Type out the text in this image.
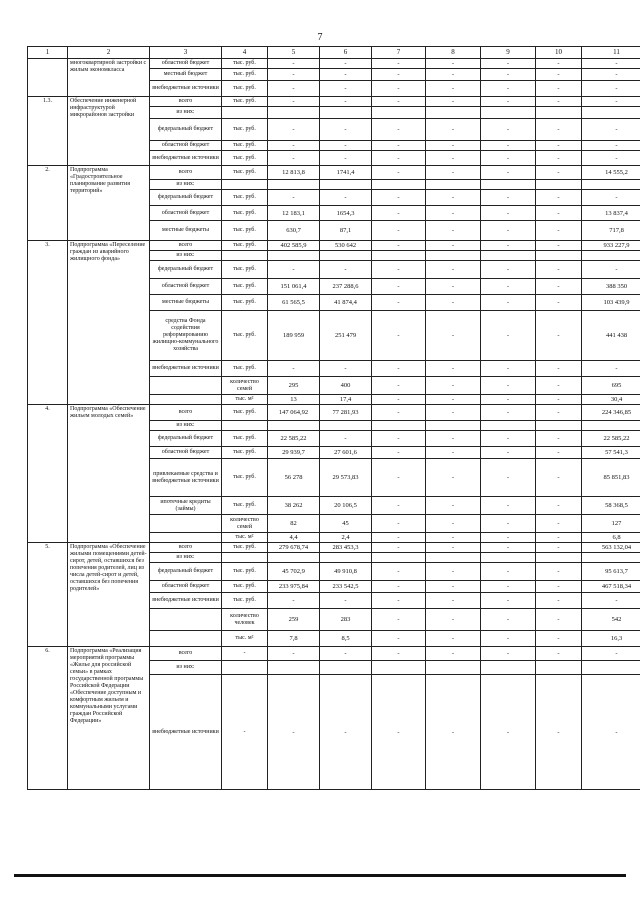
7
1	2	3	4	5	6	7	8	9	10	11
	многоквартирной застройки с жилым экономкласса	областной бюджет	тыс. руб.	-	-	-	-	-	-	-
		местный бюджет	тыс. руб.	-	-	-	-	-	-	-
		внебюджетные источники	тыс. руб.	-	-	-	-	-	-	-
1.3.	Обеспечение инженерной инфраструктурой микрорайонов застройки	всего	тыс. руб.	-	-	-	-	-	-	-
		из них:								
		федеральный бюджет	тыс. руб.	-	-	-	-	-	-	-
		областной бюджет	тыс. руб.	-	-	-	-	-	-	-
		внебюджетные источники	тыс. руб.	-	-	-	-	-	-	-
2.	Подпрограмма «Градостроительное планирование развития территорий»	всего	тыс. руб.	12 813,8	1741,4	-	-	-	-	14 555,2
		из них:								
		федеральный бюджет	тыс. руб.	-	-	-	-	-	-	-
		областной бюджет	тыс. руб.	12 183,1	1654,3	-	-	-	-	13 837,4
		местные бюджеты	тыс. руб.	630,7	87,1	-	-	-	-	717,8
3.	Подпрограмма «Переселение граждан из аварийного жилищного фонда»	всего	тыс. руб.	402 585,9	530 642	-	-	-	-	933 227,9
		из них:								
		федеральный бюджет	тыс. руб.	-	-	-	-	-	-	-
		областной бюджет	тыс. руб.	151 061,4	237 288,6	-	-	-	-	388 350
		местные бюджеты	тыс. руб.	61 565,5	41 874,4	-	-	-	-	103 439,9
		средства Фонда содействия реформированию жилищно-коммунального хозяйства	тыс. руб.	189 959	251 479	-	-	-	-	441 438
		внебюджетные источники	тыс. руб.	-	-	-	-	-	-	-
			количество семей	295	400	-	-	-	-	695
			тыс. м²	13	17,4	-	-	-	-	30,4
4.	Подпрограмма «Обеспечение жильем молодых семей»	всего	тыс. руб.	147 064,92	77 281,93	-	-	-	-	224 346,85
		из них:								
		федеральный бюджет	тыс. руб.	22 585,22	-	-	-	-	-	22 585,22
		областной бюджет	тыс. руб.	29 939,7	27 601,6	-	-	-	-	57 541,3
		привлекаемые средства и внебюджетные источники	тыс. руб.	56 278	29 573,83	-	-	-	-	85 851,83
		ипотечные кредиты (займы)	тыс. руб.	38 262	20 106,5	-	-	-	-	58 368,5
			количество семей	82	45	-	-	-	-	127
			тыс. м²	4,4	2,4	-	-	-	-	6,8
5.	Подпрограмма «Обеспечение жилыми помещениями детей-сирот, детей, оставшихся без попечения родителей, лиц из числа детей-сирот и детей, оставшихся без попечения родителей»	всего	тыс. руб.	279 678,74	283 453,3	-	-	-	-	563 132,04
		из них:								
		федеральный бюджет	тыс. руб.	45 702,9	49 910,8	-	-	-	-	95 613,7
		областной бюджет	тыс. руб.	233 975,84	233 542,5	-	-	-	-	467 518,34
		внебюджетные источники	тыс. руб.	-	-	-	-	-	-	-
			количество человек	259	283	-	-	-	-	542
			тыс. м²	7,8	8,5	-	-	-	-	16,3
6.	Подпрограмма «Реализация мероприятий программы «Жилье для российской семьи» в рамках государственной программы Российской Федерации «Обеспечение доступным и комфортным жильем и коммунальными услугами граждан Российской Федерации»	всего	-	-	-	-	-	-	-	-
		из них:								
		внебюджетные источники	-	-	-	-	-	-	-	-
